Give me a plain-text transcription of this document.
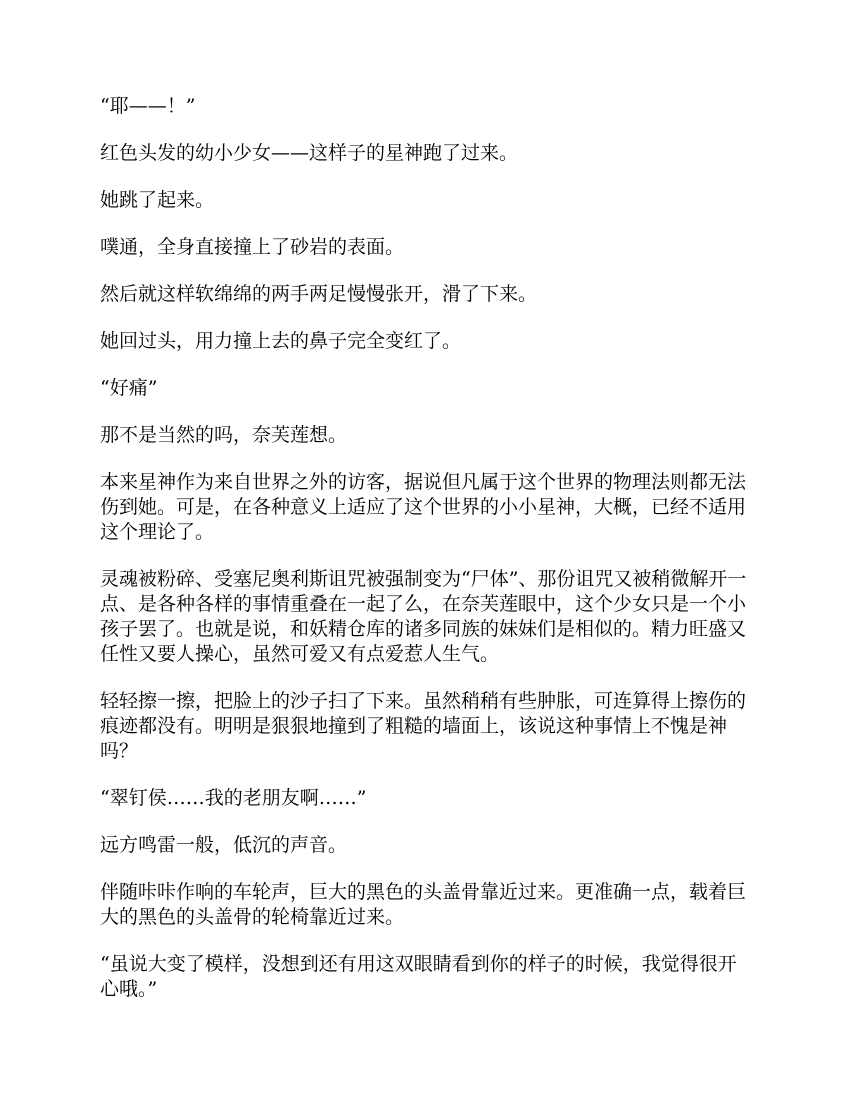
“耶——！”

红色头发的幼小少女——这样子的星神跑了过来。

她跳了起来。

噗通，全身直接撞上了砂岩的表面。

然后就这样软绵绵的两手两足慢慢张开，滑了下来。

她回过头，用力撞上去的鼻子完全变红了。

“好痛”

那不是当然的吗，奈芙莲想。

本来星神作为来自世界之外的访客，据说但凡属于这个世界的物理法则都无法伤到她。可是，在各种意义上适应了这个世界的小小星神，大概，已经不适用这个理论了。

灵魂被粉碎、受塞尼奥利斯诅咒被强制变为“尸体”、那份诅咒又被稍微解开一点、是各种各样的事情重叠在一起了么，在奈芙莲眼中，这个少女只是一个小孩子罢了。也就是说，和妖精仓库的诸多同族的妹妹们是相似的。精力旺盛又任性又要人操心，虽然可爱又有点爱惹人生气。

轻轻擦一擦，把脸上的沙子扫了下来。虽然稍稍有些肿胀，可连算得上擦伤的痕迹都没有。明明是狠狠地撞到了粗糙的墙面上，该说这种事情上不愧是神吗？

“翠钉侯……我的老朋友啊……”

远方鸣雷一般，低沉的声音。

伴随咔咔作响的车轮声，巨大的黑色的头盖骨靠近过来。更准确一点，载着巨大的黑色的头盖骨的轮椅靠近过来。

“虽说大变了模样，没想到还有用这双眼睛看到你的样子的时候，我觉得很开心哦。”
